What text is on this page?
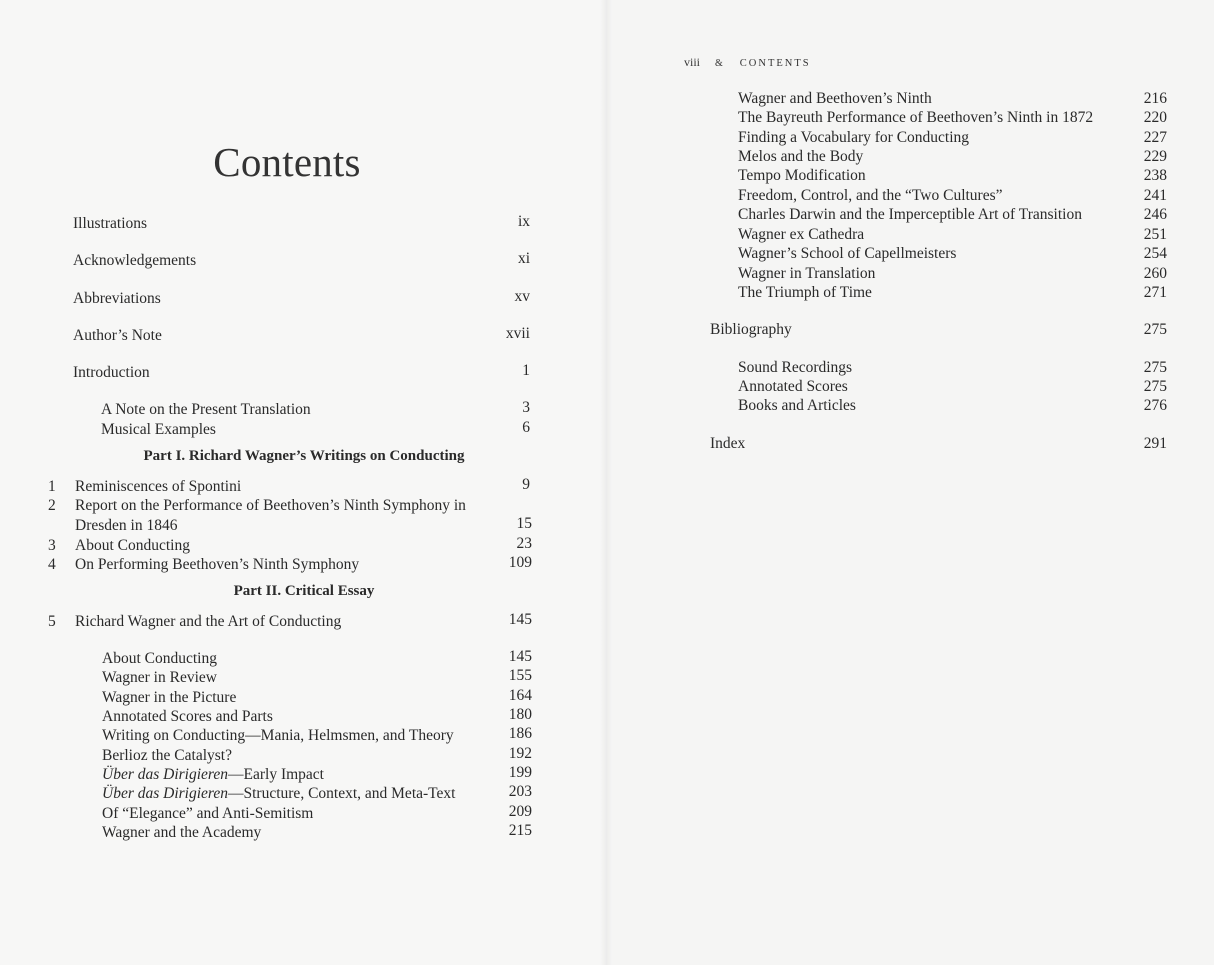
Contents
Illustrations	ix
Acknowledgements	xi
Abbreviations	xv
Author’s Note	xvii
Introduction	1
A Note on the Present Translation	3
Musical Examples	6
Part I. Richard Wagner’s Writings on Conducting
1 Reminiscences of Spontini	9
2 Report on the Performance of Beethoven’s Ninth Symphony in
Dresden in 1846	15
3 About Conducting	23
4 On Performing Beethoven’s Ninth Symphony	109
Part II. Critical Essay
5 Richard Wagner and the Art of Conducting	145
About Conducting	145
Wagner in Review	155
Wagner in the Picture	164
Annotated Scores and Parts	180
Writing on Conducting—Mania, Helmsmen, and Theory	186
Berlioz the Catalyst?	192
Über das Dirigieren—Early Impact	199
Über das Dirigieren—Structure, Context, and Meta-Text	203
Of “Elegance” and Anti-Semitism	209
Wagner and the Academy	215
viii & CONTENTS
Wagner and Beethoven’s Ninth	216
The Bayreuth Performance of Beethoven’s Ninth in 1872	220
Finding a Vocabulary for Conducting	227
Melos and the Body	229
Tempo Modification	238
Freedom, Control, and the “Two Cultures”	241
Charles Darwin and the Imperceptible Art of Transition	246
Wagner ex Cathedra	251
Wagner’s School of Capellmeisters	254
Wagner in Translation	260
The Triumph of Time	271
Bibliography	275
Sound Recordings	275
Annotated Scores	275
Books and Articles	276
Index	291
